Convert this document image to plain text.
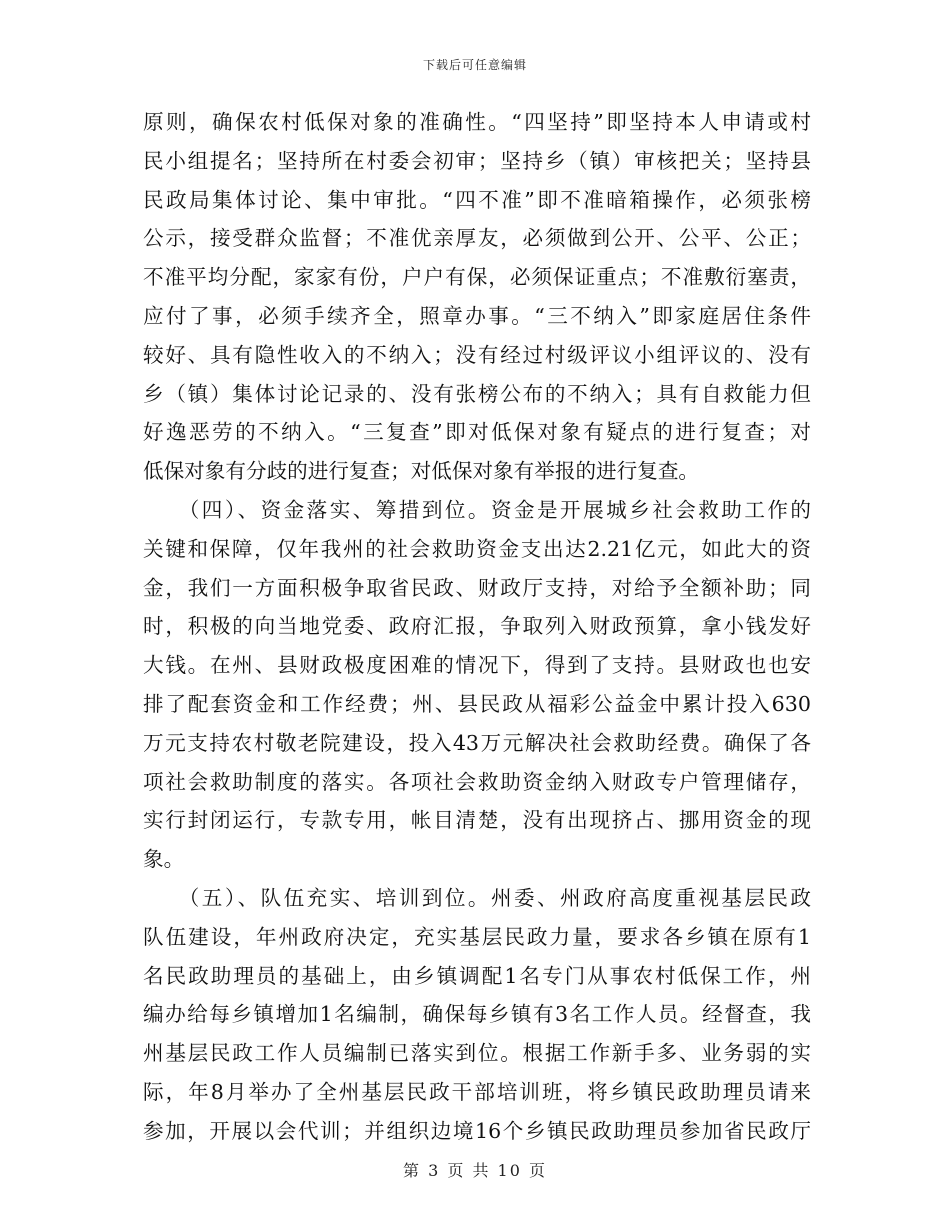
下载后可任意编辑
原则，确保农村低保对象的准确性。“四坚持”即坚持本人申请或村
民小组提名；坚持所在村委会初审；坚持乡（镇）审核把关；坚持县
民政局集体讨论、集中审批。“四不准”即不准暗箱操作，必须张榜
公示，接受群众监督；不准优亲厚友，必须做到公开、公平、公正；
不准平均分配，家家有份，户户有保，必须保证重点；不准敷衍塞责，
应付了事，必须手续齐全，照章办事。“三不纳入”即家庭居住条件
较好、具有隐性收入的不纳入；没有经过村级评议小组评议的、没有
乡（镇）集体讨论记录的、没有张榜公布的不纳入；具有自救能力但
好逸恶劳的不纳入。“三复查”即对低保对象有疑点的进行复查；对
低保对象有分歧的进行复查；对低保对象有举报的进行复查。
　　（四）、资金落实、筹措到位。资金是开展城乡社会救助工作的
关键和保障，仅年我州的社会救助资金支出达2.21亿元，如此大的资
金，我们一方面积极争取省民政、财政厅支持，对给予全额补助；同
时，积极的向当地党委、政府汇报，争取列入财政预算，拿小钱发好
大钱。在州、县财政极度困难的情况下，得到了支持。县财政也也安
排了配套资金和工作经费；州、县民政从福彩公益金中累计投入630
万元支持农村敬老院建设，投入43万元解决社会救助经费。确保了各
项社会救助制度的落实。各项社会救助资金纳入财政专户管理储存，
实行封闭运行，专款专用，帐目清楚，没有出现挤占、挪用资金的现
象。
　　（五）、队伍充实、培训到位。州委、州政府高度重视基层民政
队伍建设，年州政府决定，充实基层民政力量，要求各乡镇在原有1
名民政助理员的基础上，由乡镇调配1名专门从事农村低保工作，州
编办给每乡镇增加1名编制，确保每乡镇有3名工作人员。经督查，我
州基层民政工作人员编制已落实到位。根据工作新手多、业务弱的实
际，年8月举办了全州基层民政干部培训班，将乡镇民政助理员请来
参加，开展以会代训；并组织边境16个乡镇民政助理员参加省民政厅
第 3 页 共 10 页
